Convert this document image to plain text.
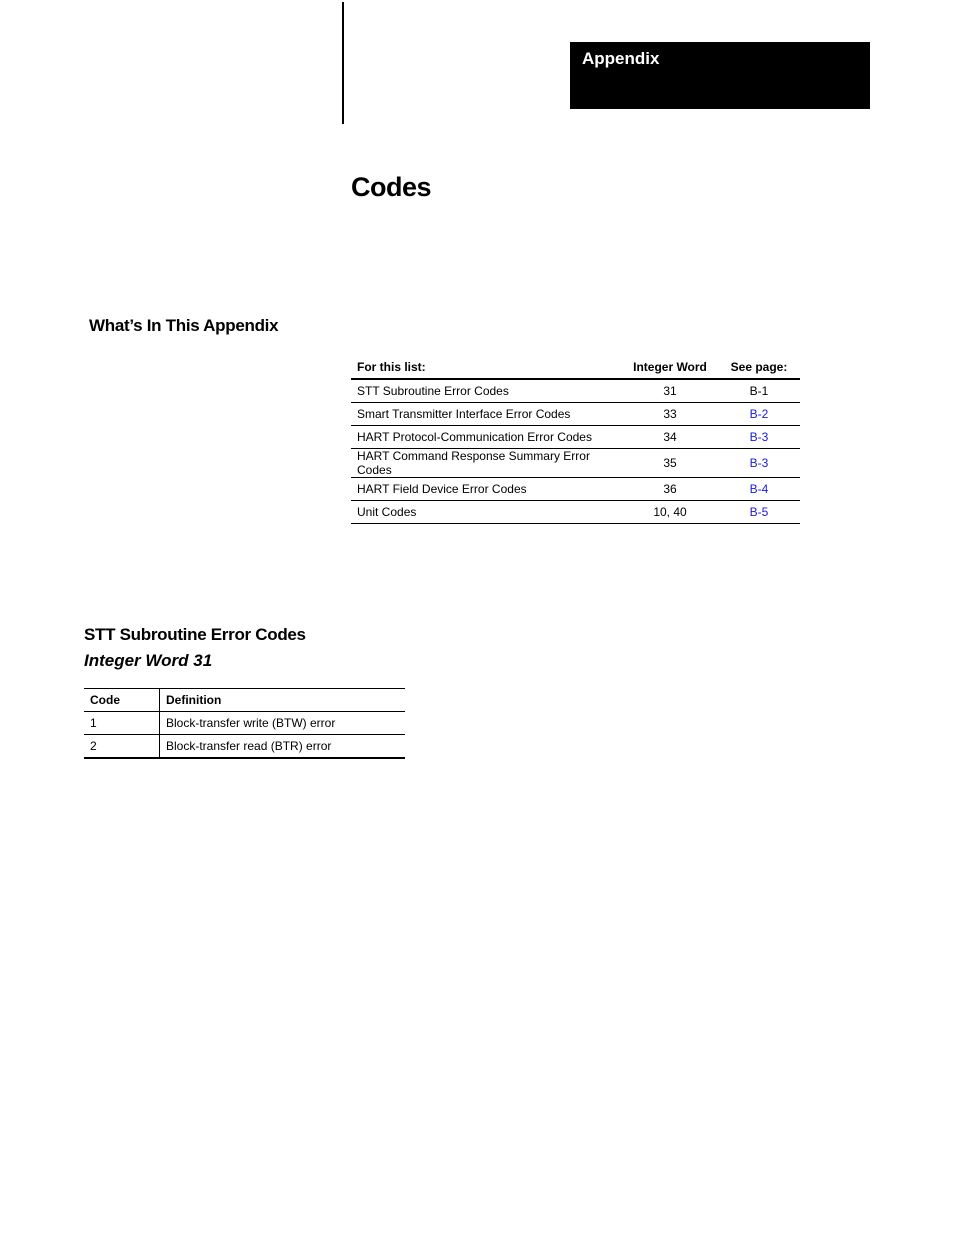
Appendix
Codes
What’s In This Appendix
For this list:	Integer Word	See page:
STT Subroutine Error Codes	31	B-1
Smart Transmitter Interface Error Codes	33	B-2
HART Protocol-Communication Error Codes	34	B-3
HART Command Response Summary Error Codes	35	B-3
HART Field Device Error Codes	36	B-4
Unit Codes	10, 40	B-5
STT Subroutine Error Codes
Integer Word 31
Code	Definition
1	Block-transfer write (BTW) error
2	Block-transfer read (BTR) error
